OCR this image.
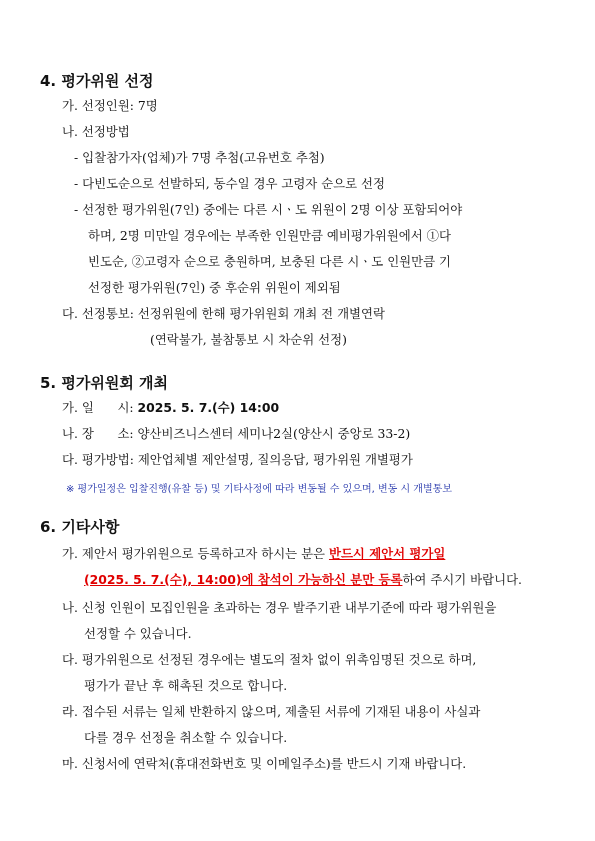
4. 평가위원 선정
가. 선정인원: 7명
나. 선정방법
- 입찰참가자(업체)가 7명 추첨(고유번호 추첨)
- 다빈도순으로 선발하되, 동수일 경우 고령자 순으로 선정
- 선정한 평가위원(7인) 중에는 다른 시ㆍ도 위원이 2명 이상 포함되어야
하며, 2명 미만일 경우에는 부족한 인원만큼 예비평가위원에서 ①다
빈도순, ②고령자 순으로 충원하며, 보충된 다른 시ㆍ도 인원만큼 기
선정한 평가위원(7인) 중 후순위 위원이 제외됨
다. 선정통보: 선정위원에 한해 평가위원회 개최 전 개별연락
(연락불가, 불참통보 시 차순위 선정)
5. 평가위원회 개최
가. 일      시: 2025. 5. 7.(수) 14:00
나. 장      소: 양산비즈니스센터 세미나2실(양산시 중앙로 33-2)
다. 평가방법: 제안업체별 제안설명, 질의응답, 평가위원 개별평가
※ 평가일정은 입찰진행(유찰 등) 및 기타사정에 따라 변동될 수 있으며, 변동 시 개별통보
6. 기타사항
가. 제안서 평가위원으로 등록하고자 하시는 분은 반드시 제안서 평가일
(2025. 5. 7.(수), 14:00)에 참석이 가능하신 분만 등록하여 주시기 바랍니다.
나. 신청 인원이 모집인원을 초과하는 경우 발주기관 내부기준에 따라 평가위원을
선정할 수 있습니다.
다. 평가위원으로 선정된 경우에는 별도의 절차 없이 위촉임명된 것으로 하며,
평가가 끝난 후 해촉된 것으로 합니다.
라. 접수된 서류는 일체 반환하지 않으며, 제출된 서류에 기재된 내용이 사실과
다를 경우 선정을 취소할 수 있습니다.
마. 신청서에 연락처(휴대전화번호 및 이메일주소)를 반드시 기재 바랍니다.
